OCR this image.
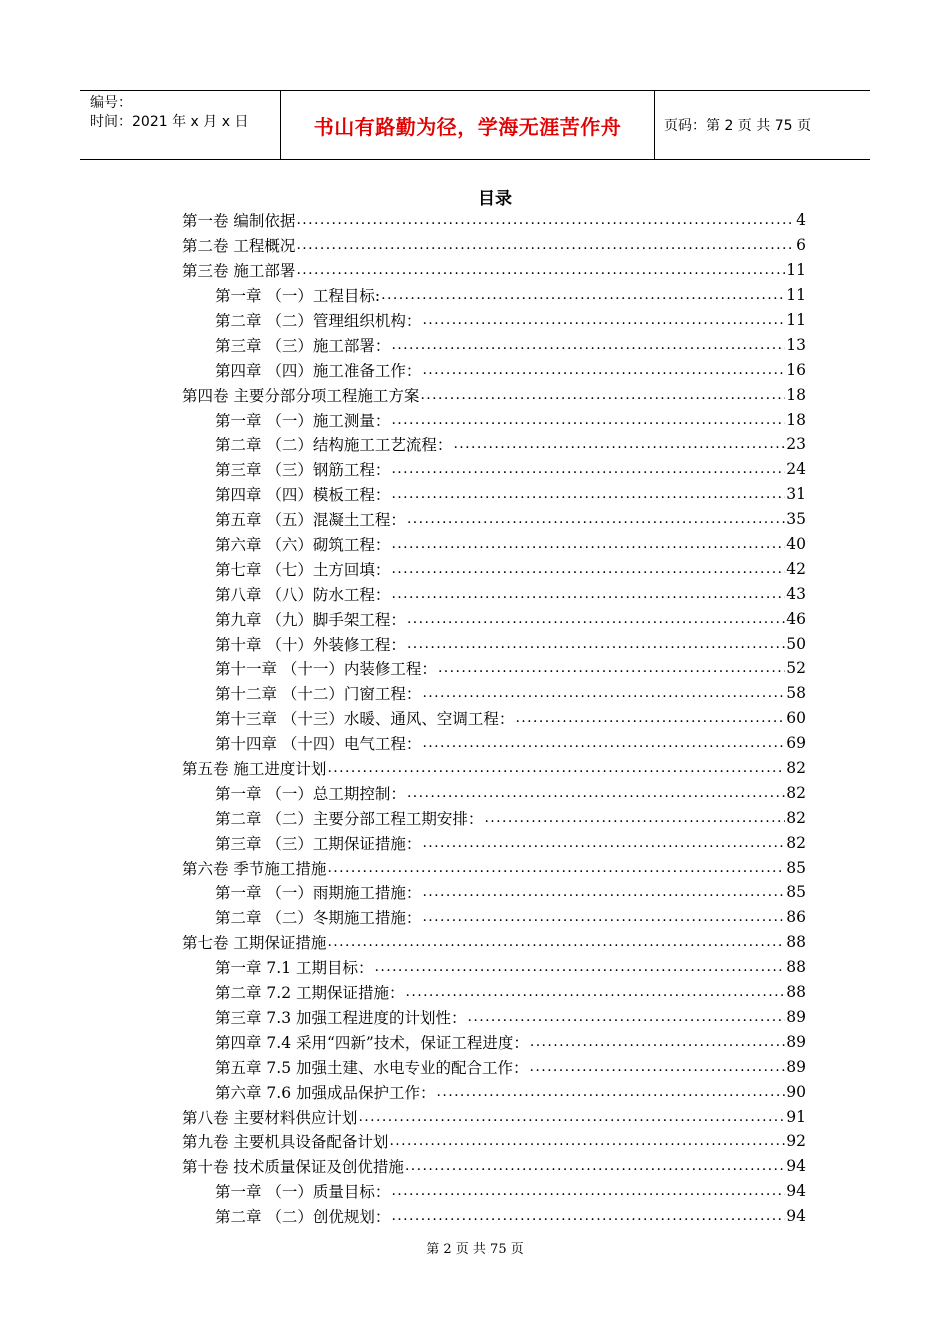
编号：
时间：2021 年 x 月 x 日	书山有路勤为径，学海无涯苦作舟	页码：第 2 页 共 75 页
目录
第一卷 编制依据 .....	4
第二卷 工程概况 .....	6
第三卷 施工部署 .....	11
第一章 （一）工程目标: .....	11
第二章 （二）管理组织机构： .....	11
第三章 （三）施工部署： .....	13
第四章 （四）施工准备工作： .....	16
第四卷 主要分部分项工程施工方案 .....	18
第一章 （一）施工测量： .....	18
第二章 （二）结构施工工艺流程： .....	23
第三章 （三）钢筋工程： .....	24
第四章 （四）模板工程： .....	31
第五章 （五）混凝土工程： .....	35
第六章 （六）砌筑工程： .....	40
第七章 （七）土方回填： .....	42
第八章 （八）防水工程： .....	43
第九章 （九）脚手架工程： .....	46
第十章 （十）外装修工程： .....	50
第十一章 （十一）内装修工程： .....	52
第十二章 （十二）门窗工程： .....	58
第十三章 （十三）水暖、通风、空调工程： .....	60
第十四章 （十四）电气工程： .....	69
第五卷 施工进度计划 .....	82
第一章 （一）总工期控制： .....	82
第二章 （二）主要分部工程工期安排： .....	82
第三章 （三）工期保证措施： .....	82
第六卷 季节施工措施 .....	85
第一章 （一）雨期施工措施： .....	85
第二章 （二）冬期施工措施： .....	86
第七卷 工期保证措施 .....	88
第一章 7.1 工期目标： .....	88
第二章 7.2 工期保证措施： .....	88
第三章 7.3 加强工程进度的计划性： .....	89
第四章 7.4 采用“四新”技术，保证工程进度： .....	89
第五章 7.5 加强土建、水电专业的配合工作： .....	89
第六章 7.6 加强成品保护工作： .....	90
第八卷 主要材料供应计划 .....	91
第九卷 主要机具设备配备计划 .....	92
第十卷 技术质量保证及创优措施 .....	94
第一章 （一）质量目标： .....	94
第二章 （二）创优规划： .....	94
第 2 页 共 75 页
